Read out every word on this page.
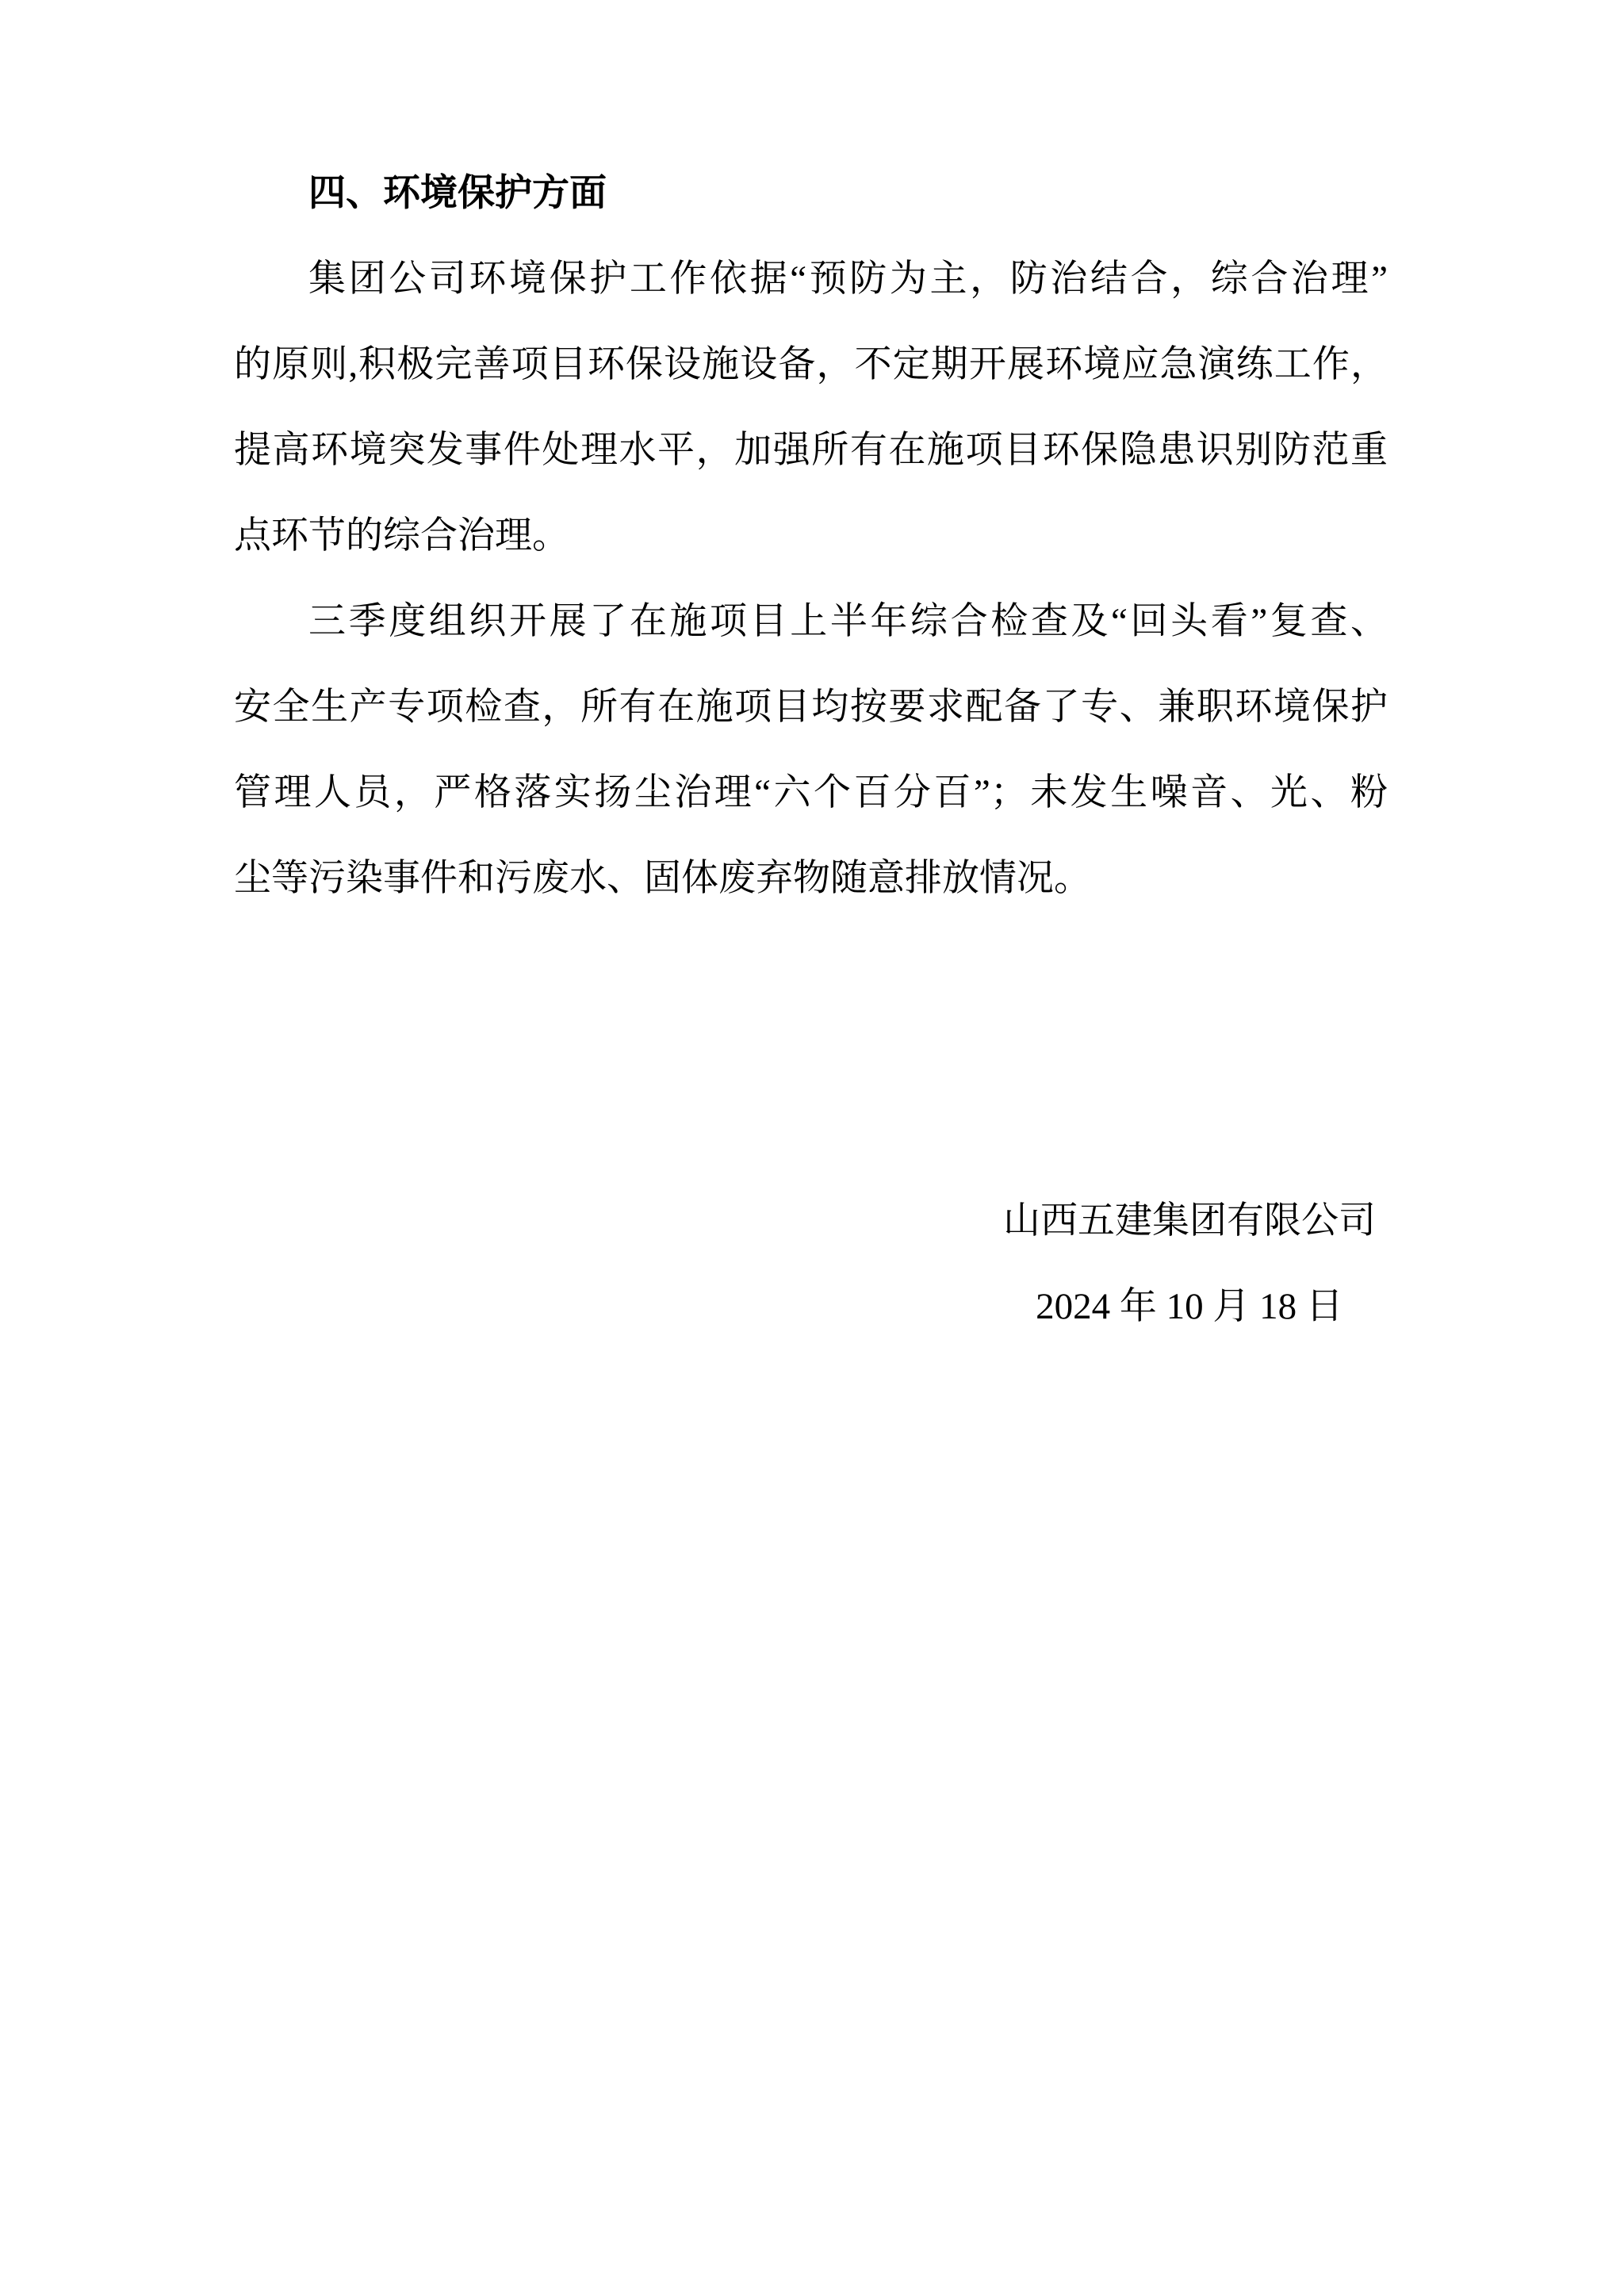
四、环境保护方面
集团公司环境保护工作依据“预防为主，防治结合，综合治理”
的原则,积极完善项目环保设施设备，不定期开展环境应急演练工作，
提高环境突发事件处理水平，加强所有在施项目环保隐患识别防范重
点环节的综合治理。
三季度组织开展了在施项目上半年综合检查及“回头看”复查、
安全生产专项检查，所有在施项目均按要求配备了专、兼职环境保护
管理人员，严格落实扬尘治理“六个百分百”；未发生噪音、光、粉
尘等污染事件和污废水、固体废弃物随意排放情况。
山西五建集团有限公司
2024 年 10 月 18 日
